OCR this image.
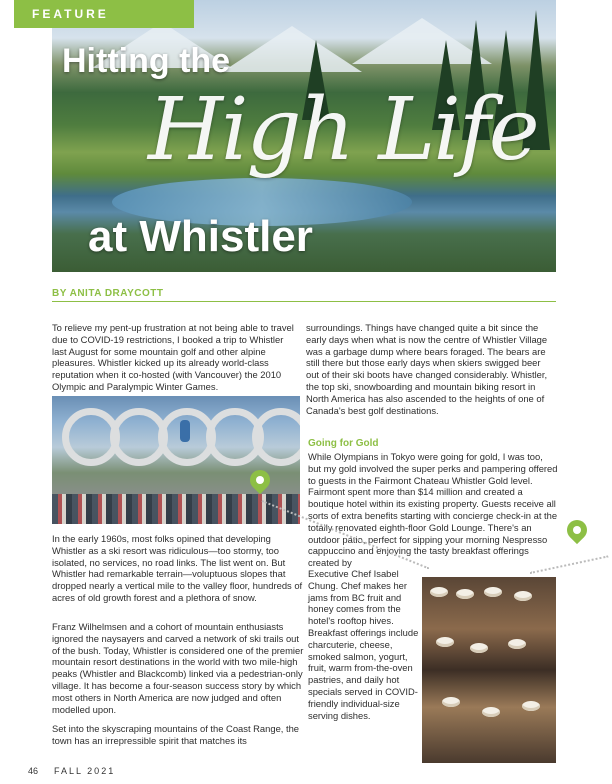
FEATURE
Hitting the
High Life
at Whistler
BY ANITA DRAYCOTT

To relieve my pent-up frustration at not being able to travel due to COVID-19 restrictions, I booked a trip to Whistler last August for some mountain golf and other alpine pleasures. Whistler kicked up its already world-class reputation when it co-hosted (with Vancouver) the 2010 Olympic and Paralympic Winter Games.

In the early 1960s, most folks opined that developing Whistler as a ski resort was ridiculous—too stormy, too isolated, no services, no road links. The list went on. But Whistler had remarkable terrain—voluptuous slopes that dropped nearly a vertical mile to the valley floor, hundreds of acres of old growth forest and a plethora of snow.

Franz Wilhelmsen and a cohort of mountain enthusiasts ignored the naysayers and carved a network of ski trails out of the bush. Today, Whistler is considered one of the premier mountain resort destinations in the world with two mile-high peaks (Whistler and Blackcomb) linked via a pedestrian-only village. It has become a four-season success story by which most others in North America are now judged and often modelled upon.

Set into the skyscraping mountains of the Coast Range, the town has an irrepressible spirit that matches its

surroundings. Things have changed quite a bit since the early days when what is now the centre of Whistler Village was a garbage dump where bears foraged. The bears are still there but those early days when skiers swigged beer out of their ski boots have changed considerably. Whistler, the top ski, snowboarding and mountain biking resort in North America has also ascended to the heights of one of Canada's best golf destinations.

Going for Gold

While Olympians in Tokyo were going for gold, I was too, but my gold involved the super perks and pampering offered to guests in the Fairmont Chateau Whistler Gold level. Fairmont spent more than $14 million and created a boutique hotel within its existing property. Guests receive all sorts of extra benefits starting with concierge check-in at the totally renovated eighth-floor Gold Lounge. There's an outdoor patio, perfect for sipping your morning Nespresso cappuccino and enjoying the tasty breakfast offerings created by

Executive Chef Isabel Chung. Chef makes her jams from BC fruit and honey comes from the hotel's rooftop hives. Breakfast offerings include charcuterie, cheese, smoked salmon, yogurt, fruit, warm from-the-oven pastries, and daily hot specials served in COVID-friendly individual-size serving dishes.

46 FALL 2021
